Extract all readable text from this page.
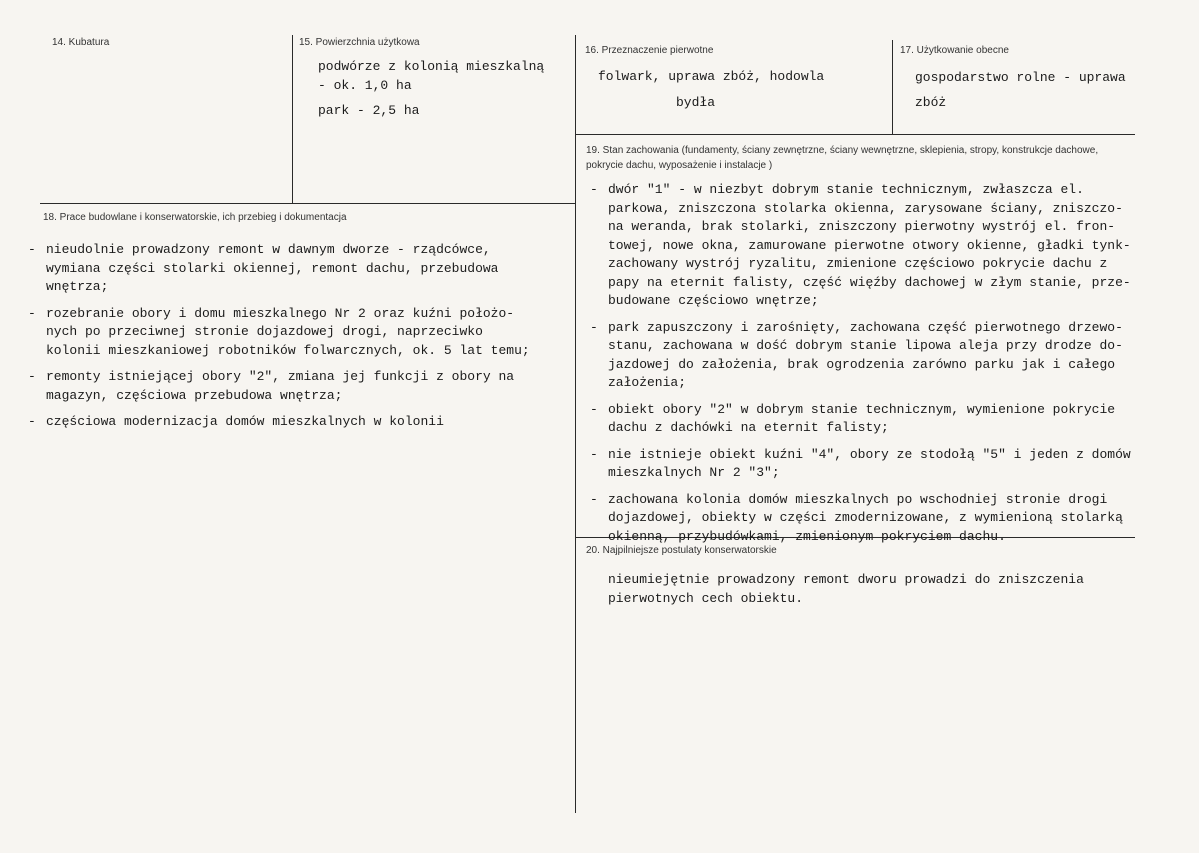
14. Kubatura	15. Powierzchnia użytkowa
podwórze z kolonią mieszkalną
- ok. 1,0 ha
park - 2,5 ha
16. Przeznaczenie pierwotne
folwark, uprawa zbóż, hodowla
bydła
17. Użytkowanie obecne
gospodarstwo rolne - uprawa
zbóż
19. Stan zachowania (fundamenty, ściany zewnętrzne, ściany wewnętrzne, sklepienia, stropy, konstrukcje dachowe, pokrycie dachu, wyposażenie i instalacje )
- dwór "1" - w niezbyt dobrym stanie technicznym, zwłaszcza el.
parkowa, zniszczona stolarka okienna, zarysowane ściany, zniszczo-
na weranda, brak stolarki, zniszczony pierwotny wystrój el. fron-
towej, nowe okna, zamurowane pierwotne otwory okienne, gładki tynk-
zachowany wystrój ryzalitu, zmienione częściowo pokrycie dachu z
papy na eternit falisty, część więźby dachowej w złym stanie, prze-
budowane częściowo wnętrze;
- park zapuszczony i zarośnięty, zachowana część pierwotnego drzewo-
stanu, zachowana w dość dobrym stanie lipowa aleja przy drodze do-
jazdowej do założenia, brak ogrodzenia zarówno parku jak i całego
założenia;
- obiekt obory "2" w dobrym stanie technicznym, wymienione pokrycie
dachu z dachówki na eternit falisty;
- nie istnieje obiekt kuźni "4", obory ze stodołą "5" i jeden z domów
mieszkalnych Nr 2 "3";
- zachowana kolonia domów mieszkalnych po wschodniej stronie drogi
dojazdowej, obiekty w części zmodernizowane, z wymienioną stolarką
okienną, przybudówkami, zmienionym pokryciem dachu.
18. Prace budowlane i konserwatorskie, ich przebieg i dokumentacja
- nieudolnie prowadzony remont w dawnym dworze - rządcówce,
wymiana części stolarki okiennej, remont dachu, przebudowa
wnętrza;
- rozebranie obory i domu mieszkalnego Nr 2 oraz kuźni położo-
nych po przeciwnej stronie dojazdowej drogi, naprzeciwko
kolonii mieszkaniowej robotników folwarcznych, ok. 5 lat temu;
- remonty istniejącej obory "2", zmiana jej funkcji z obory na
magazyn, częściowa przebudowa wnętrza;
- częściowa modernizacja domów mieszkalnych w kolonii
20. Najpilniejsze postulaty konserwatorskie
nieumiejętnie prowadzony remont dworu prowadzi do zniszczenia
pierwotnych cech obiektu.
